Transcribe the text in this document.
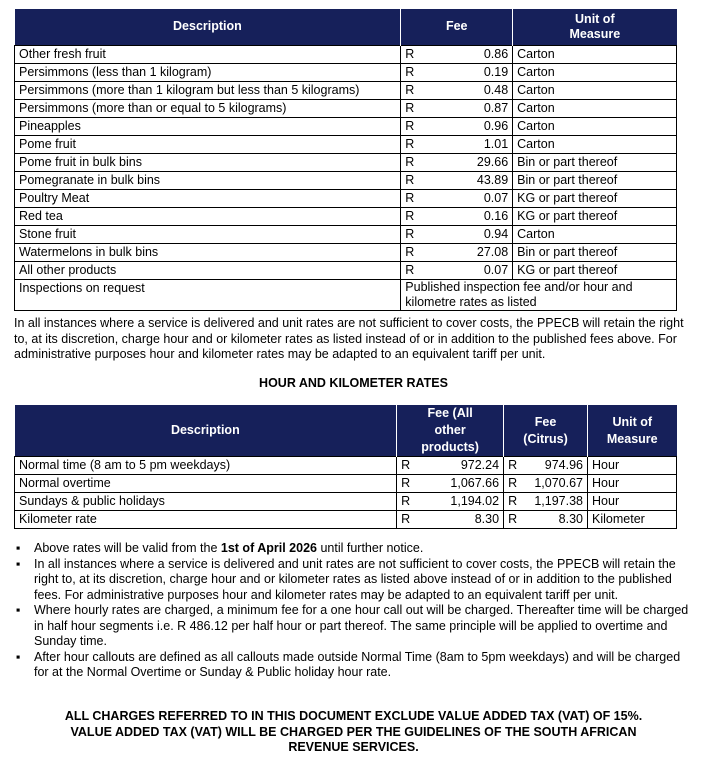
Description	Fee		Unit of Measure
Other fresh fruit	R	0.86	Carton
Persimmons (less than 1 kilogram)	R	0.19	Carton
Persimmons (more than 1 kilogram but less than 5 kilograms)	R	0.48	Carton
Persimmons (more than or equal to 5 kilograms)	R	0.87	Carton
Pineapples	R	0.96	Carton
Pome fruit	R	1.01	Carton
Pome fruit in bulk bins	R	29.66	Bin or part thereof
Pomegranate in bulk bins	R	43.89	Bin or part thereof
Poultry Meat	R	0.07	KG or part thereof
Red tea	R	0.16	KG or part thereof
Stone fruit	R	0.94	Carton
Watermelons in bulk bins	R	27.08	Bin or part thereof
All other products	R	0.07	KG or part thereof
Inspections on request	Published inspection fee and/or hour and kilometre rates as listed		
In all instances where a service is delivered and unit rates are not sufficient to cover costs, the PPECB will retain the right to, at its discretion, charge hour and or kilometer rates as listed instead of or in addition to the published fees above. For administrative purposes hour and kilometer rates may be adapted to an equivalent tariff per unit.
HOUR AND KILOMETER RATES
Description	Fee (All other products)		Fee (Citrus)		Unit of Measure
Normal time (8 am to 5 pm weekdays)	R	972.24	R	974.96	Hour
Normal overtime	R	1,067.66	R	1,070.67	Hour
Sundays & public holidays	R	1,194.02	R	1,197.38	Hour
Kilometer rate	R	8.30	R	8.30	Kilometer
▪ Above rates will be valid from the 1st of April 2026 until further notice.
▪ In all instances where a service is delivered and unit rates are not sufficient to cover costs, the PPECB will retain the right to, at its discretion, charge hour and or kilometer rates as listed above instead of or in addition to the published fees. For administrative purposes hour and kilometer rates may be adapted to an equivalent tariff per unit.
▪ Where hourly rates are charged, a minimum fee for a one hour call out will be charged. Thereafter time will be charged in half hour segments i.e. R 486.12 per half hour or part thereof. The same principle will be applied to overtime and Sunday time.
▪ After hour callouts are defined as all callouts made outside Normal Time (8am to 5pm weekdays) and will be charged for at the Normal Overtime or Sunday & Public holiday hour rate.
ALL CHARGES REFERRED TO IN THIS DOCUMENT EXCLUDE VALUE ADDED TAX (VAT) OF 15%.
VALUE ADDED TAX (VAT) WILL BE CHARGED PER THE GUIDELINES OF THE SOUTH AFRICAN REVENUE SERVICES.
